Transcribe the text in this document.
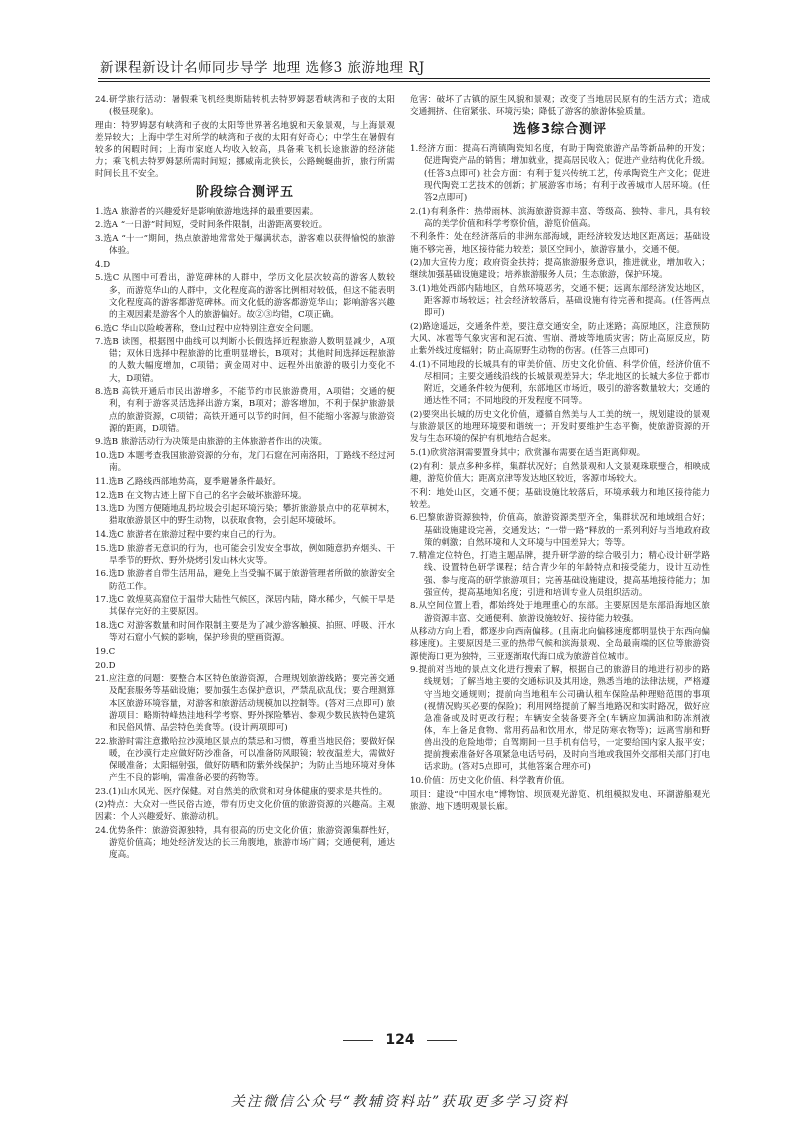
新课程新设计名师同步导学 地理 选修3 旅游地理 RJ

24.研学旅行活动：暑假乘飞机经奥斯陆转机去特罗姆瑟看峡湾和子夜的太阳(极昼现象)。

理由：特罗姆瑟有峡湾和子夜的太阳等世界著名地貌和天象景观，与上海景观差异较大；上海中学生对所学的峡湾和子夜的太阳有好奇心；中学生在暑假有较多的闲暇时间；上海市家庭人均收入较高，具备乘飞机长途旅游的经济能力；乘飞机去特罗姆瑟所需时间短；挪威南北狭长，公路蜿蜒曲折，旅行所需时间长且不安全。

阶段综合测评五

1.选A 旅游者的兴趣爱好是影响旅游地选择的最重要因素。

2.选A “一日游”时间短，受时间条件限制，出游距离要较近。

3.选A “十一”期间，热点旅游地常常处于爆满状态，游客难以获得愉悦的旅游体验。

4.D

5.选C 从图中可看出，游览碑林的人群中，学历文化层次较高的游客人数较多，而游览华山的人群中，文化程度高的游客比例相对较低，但这不能表明文化程度高的游客都游览碑林。而文化低的游客都游览华山；影响游客兴趣的主观因素是游客个人的旅游偏好。故②③均错，C项正确。

6.选C 华山以险峻著称，登山过程中应特别注意安全问题。

7.选B 读图，根据图中曲线可以判断小长假选择近程旅游人数明显减少，A项错；双休日选择中程旅游的比重明显增长，B项对；其他时间选择远程旅游的人数大幅度增加，C项错；黄金周对中、远程外出旅游的吸引力变化不大，D项错。

8.选B 高铁开通后市民出游增多，不能节约市民旅游费用，A项错；交通的便利，有利于游客灵活选择出游方案，B项对；游客增加，不利于保护旅游景点的旅游资源，C项错；高铁开通可以节约时间，但不能缩小客源与旅游资源的距离，D项错。

9.选B 旅游活动行为决策是由旅游的主体旅游者作出的决策。

10.选D 本题考查我国旅游资源的分布，龙门石窟在河南洛阳，丁路线不经过河南。

11.选B 乙路线西部地势高，夏季避暑条件最好。

12.选B 在文物古迹上留下自己的名字会破坏旅游环境。

13.选D 为图方便随地乱扔垃圾会引起环境污染；攀折旅游景点中的花草树木，猎取旅游景区中的野生动物，以获取食物，会引起环境破坏。

14.选C 旅游者在旅游过程中要约束自己的行为。

15.选D 旅游者无意识的行为，也可能会引发安全事故，例如随意扔弃烟头、干旱季节的野炊、野外烧烤引发山林火灾等。

16.选D 旅游者自带生活用品，避免上当受骗不属于旅游管理者所做的旅游安全防范工作。

17.选C 敦煌莫高窟位于温带大陆性气候区，深居内陆，降水稀少，气候干旱是其保存完好的主要原因。

18.选C 对游客数量和时间作限制主要是为了减少游客触摸、拍照、呼吸、汗水等对石窟小气候的影响，保护珍贵的壁画资源。

19.C

20.D

21.应注意的问题：要整合本区特色旅游资源，合理规划旅游线路；要完善交通及配套服务等基础设施；要加强生态保护意识，严禁乱砍乱伐；要合理测算本区旅游环境容量，对游客和旅游活动规模加以控制等。(答对三点即可) 旅游项目：略斯特峰热洼地科学考察、野外探险攀岩、参观少数民族特色建筑和民俗风情、品尝特色美食等。(设计两项即可)

22.旅游时需注意撒哈拉沙漠地区景点的禁忌和习惯，尊重当地民俗；要做好保暖，在沙漠行走应做好防沙准备，可以准备防风眼镜；较夜温差大，需做好保暖准备；太阳辐射强，做好防晒和防紫外线保护；为防止当地环境对身体产生不良的影响，需准备必要的药物等。

23.(1)山水风光、医疗保健。对自然美的欣赏和对身体健康的要求是共性的。

(2)特点：大众对一些民俗古迹，带有历史文化价值的旅游资源的兴趣高。主观因素：个人兴趣爱好、旅游动机。

24.优势条件：旅游资源独特，具有很高的历史文化价值；旅游资源集群性好，游览价值高；地处经济发达的长三角腹地，旅游市场广阔；交通便利，通达度高。

危害：破坏了古镇的原生风貌和景观；改变了当地居民原有的生活方式；造成交通拥挤、住宿紧张、环境污染；降低了游客的旅游体验质量。

选修3综合测评

1.经济方面：提高石湾镇陶瓷知名度，有助于陶瓷旅游产品等新品种的开发；促进陶瓷产品的销售；增加就业，提高居民收入；促进产业结构优化升级。(任答3点即可) 社会方面：有利于复兴传统工艺，传承陶瓷生产文化；促进现代陶瓷工艺技术的创新；扩展游客市场；有利于改善城市人居环境。(任答2点即可)

2.(1)有利条件：热带雨林、滨海旅游资源丰富、等级高、独特、非凡，具有较高的美学价值和科学考察价值，游览价值高。

不利条件：处在经济落后的非洲东部海域，距经济较发达地区距离远；基础设施不够完善，地区接待能力较差；景区空间小，旅游容量小，交通不便。

(2)加大宣传力度；政府资金扶持；提高旅游服务意识，推进就业，增加收入；继续加强基础设施建设；培养旅游服务人员；生态旅游，保护环境。

3.(1)地处西部内陆地区，自然环境恶劣，交通不便；远离东部经济发达地区，距客源市场较远；社会经济较落后，基础设施有待完善和提高。(任答两点即可)

(2)路途遥远，交通条件差，要注意交通安全，防止迷路；高原地区，注意预防大风、冰雹等气象灾害和泥石流、雪崩、滑坡等地质灾害；防止高原反应，防止紫外线过度辐射；防止高原野生动物的伤害。(任答三点即可)

4.(1)不同地段的长城具有的审美价值、历史文化价值、科学价值，经济价值不尽相同；主要交通线沿线的长城景观差异大；华北地区的长城大多位于都市附近，交通条件较为便利，东部地区市场近，吸引的游客数量较大；交通的通达性不同；不同地段的开发程度不同等。

(2)要突出长城的历史文化价值，遵循自然美与人工美的统一，规划建设的景观与旅游景区的地理环境要和谐统一；开发时要维护生态平衡，使旅游资源的开发与生态环境的保护有机地结合起来。

5.(1)欣赏溶洞需要置身其中；欣赏瀑布需要在适当距离仰观。

(2)有利：景点多种多样，集群状况好；自然景观和人文景观珠联璧合，相映成趣，游览价值大；距离京津等发达地区较近，客源市场较大。

不利：地处山区，交通不便；基础设施比较落后，环境承载力和地区接待能力较差。

6.巴黎旅游资源独特，价值高，旅游资源类型齐全，集群状况和地域组合好；基础设施建设完善，交通发达；“一带一路”释放的一系列利好与当地政府政策的刺激；自然环境和人文环境与中国差异大；等等。

7.精准定位特色，打造主题品牌，提升研学游的综合吸引力；精心设计研学路线、设置特色研学课程；结合青少年的年龄特点和接受能力，设计互动性强、参与度高的研学旅游项目；完善基础设施建设，提高基地接待能力；加强宣传，提高基地知名度；引进和培训专业人员组织活动。

8.从空间位置上看，都始终处于地理重心的东部。主要原因是东部沿海地区旅游资源丰富、交通便利、旅游设施较好、接待能力较强。

从移动方向上看，都逐步向西南偏移。(且南北向偏移速度都明显快于东西向偏移速度)。主要原因是三亚的热带气候和滨海景观、全岛最南端的区位等旅游资源使海口更为独特，三亚逐渐取代海口成为旅游首位城市。

9.提前对当地的景点文化进行搜索了解，根据自己的旅游目的地进行初步的路线规划；了解当地主要的交通标识及其用途，熟悉当地的法律法规，严格遵守当地交通规则；提前向当地租车公司确认租车保险品种理赔范围的事项(视情况购买必要的保险)；利用网络提前了解当地路况和实时路况，做好应急准备或及时更改行程；车辆安全装备要齐全(车辆应加满油和防冻剂液体，车上备足食物、常用药品和饮用水，带足防寒衣物等)；远离雪崩和野兽出没的危险地带；自驾期间一旦手机有信号，一定要给国内家人报平安；提前搜索准备好各项紧急电话号码，及时向当地或我国外交部相关部门打电话求助。(答对5点即可，其他答案合理亦可)

10.价值：历史文化价值、科学教育价值。

项目：建设“中国水电”博物馆、坝顶观光游览、机组模拟发电、环湖游船观光旅游、地下透明观景长廊。

124
关注微信公众号“教辅资料站”获取更多学习资料
